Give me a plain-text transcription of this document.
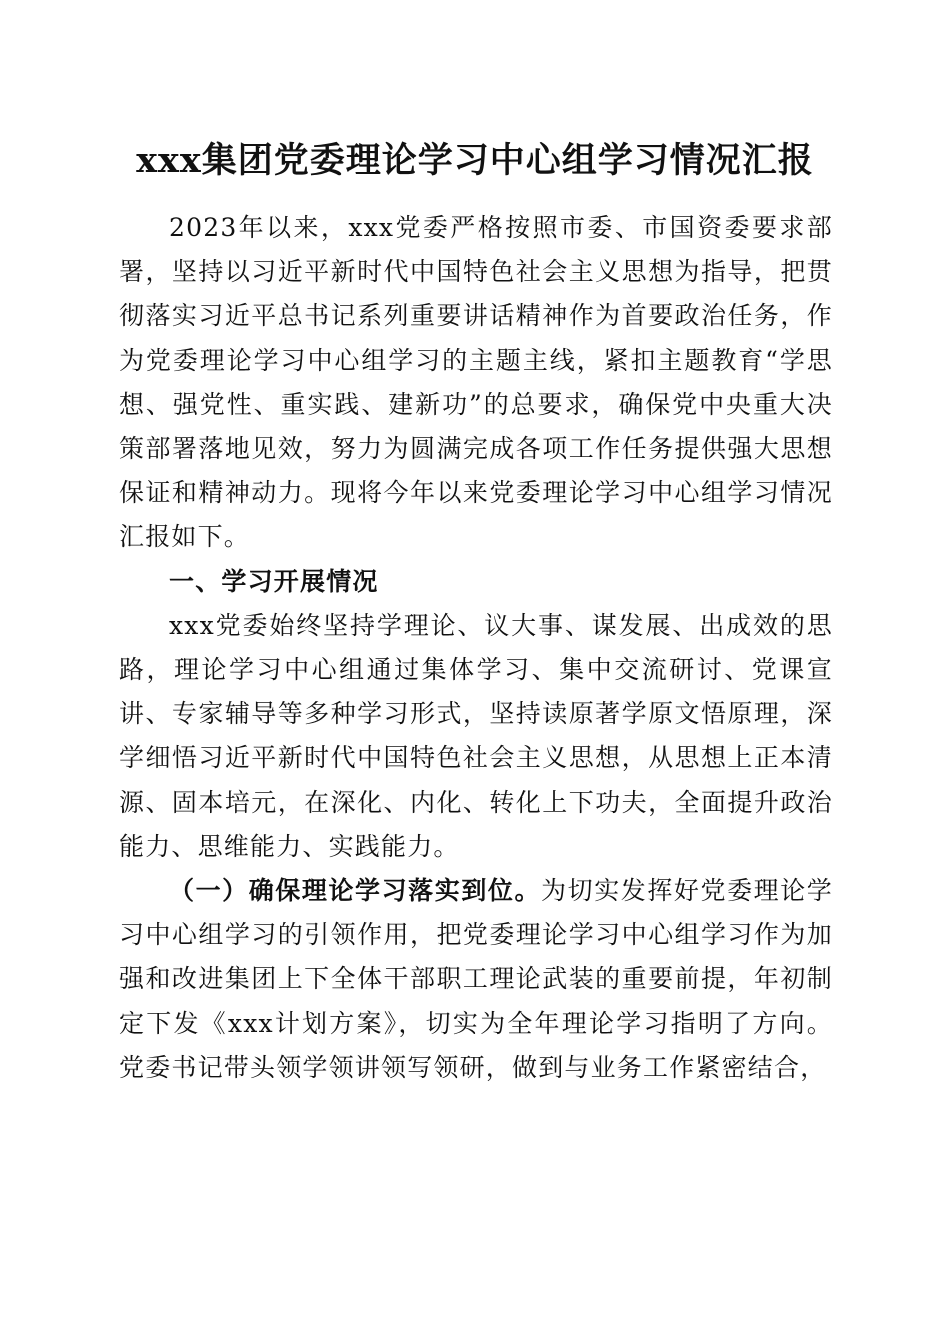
xxx集团党委理论学习中心组学习情况汇报

2023年以来，xxx党委严格按照市委、市国资委要求部署，坚持以习近平新时代中国特色社会主义思想为指导，把贯彻落实习近平总书记系列重要讲话精神作为首要政治任务，作为党委理论学习中心组学习的主题主线，紧扣主题教育“学思想、强党性、重实践、建新功”的总要求，确保党中央重大决策部署落地见效，努力为圆满完成各项工作任务提供强大思想保证和精神动力。现将今年以来党委理论学习中心组学习情况汇报如下。

一、学习开展情况

xxx党委始终坚持学理论、议大事、谋发展、出成效的思路，理论学习中心组通过集体学习、集中交流研讨、党课宣讲、专家辅导等多种学习形式，坚持读原著学原文悟原理，深学细悟习近平新时代中国特色社会主义思想，从思想上正本清源、固本培元，在深化、内化、转化上下功夫，全面提升政治能力、思维能力、实践能力。

（一）确保理论学习落实到位。为切实发挥好党委理论学习中心组学习的引领作用，把党委理论学习中心组学习作为加强和改进集团上下全体干部职工理论武装的重要前提，年初制定下发《xxx计划方案》，切实为全年理论学习指明了方向。党委书记带头领学领讲领写领研，做到与业务工作紧密结合，
